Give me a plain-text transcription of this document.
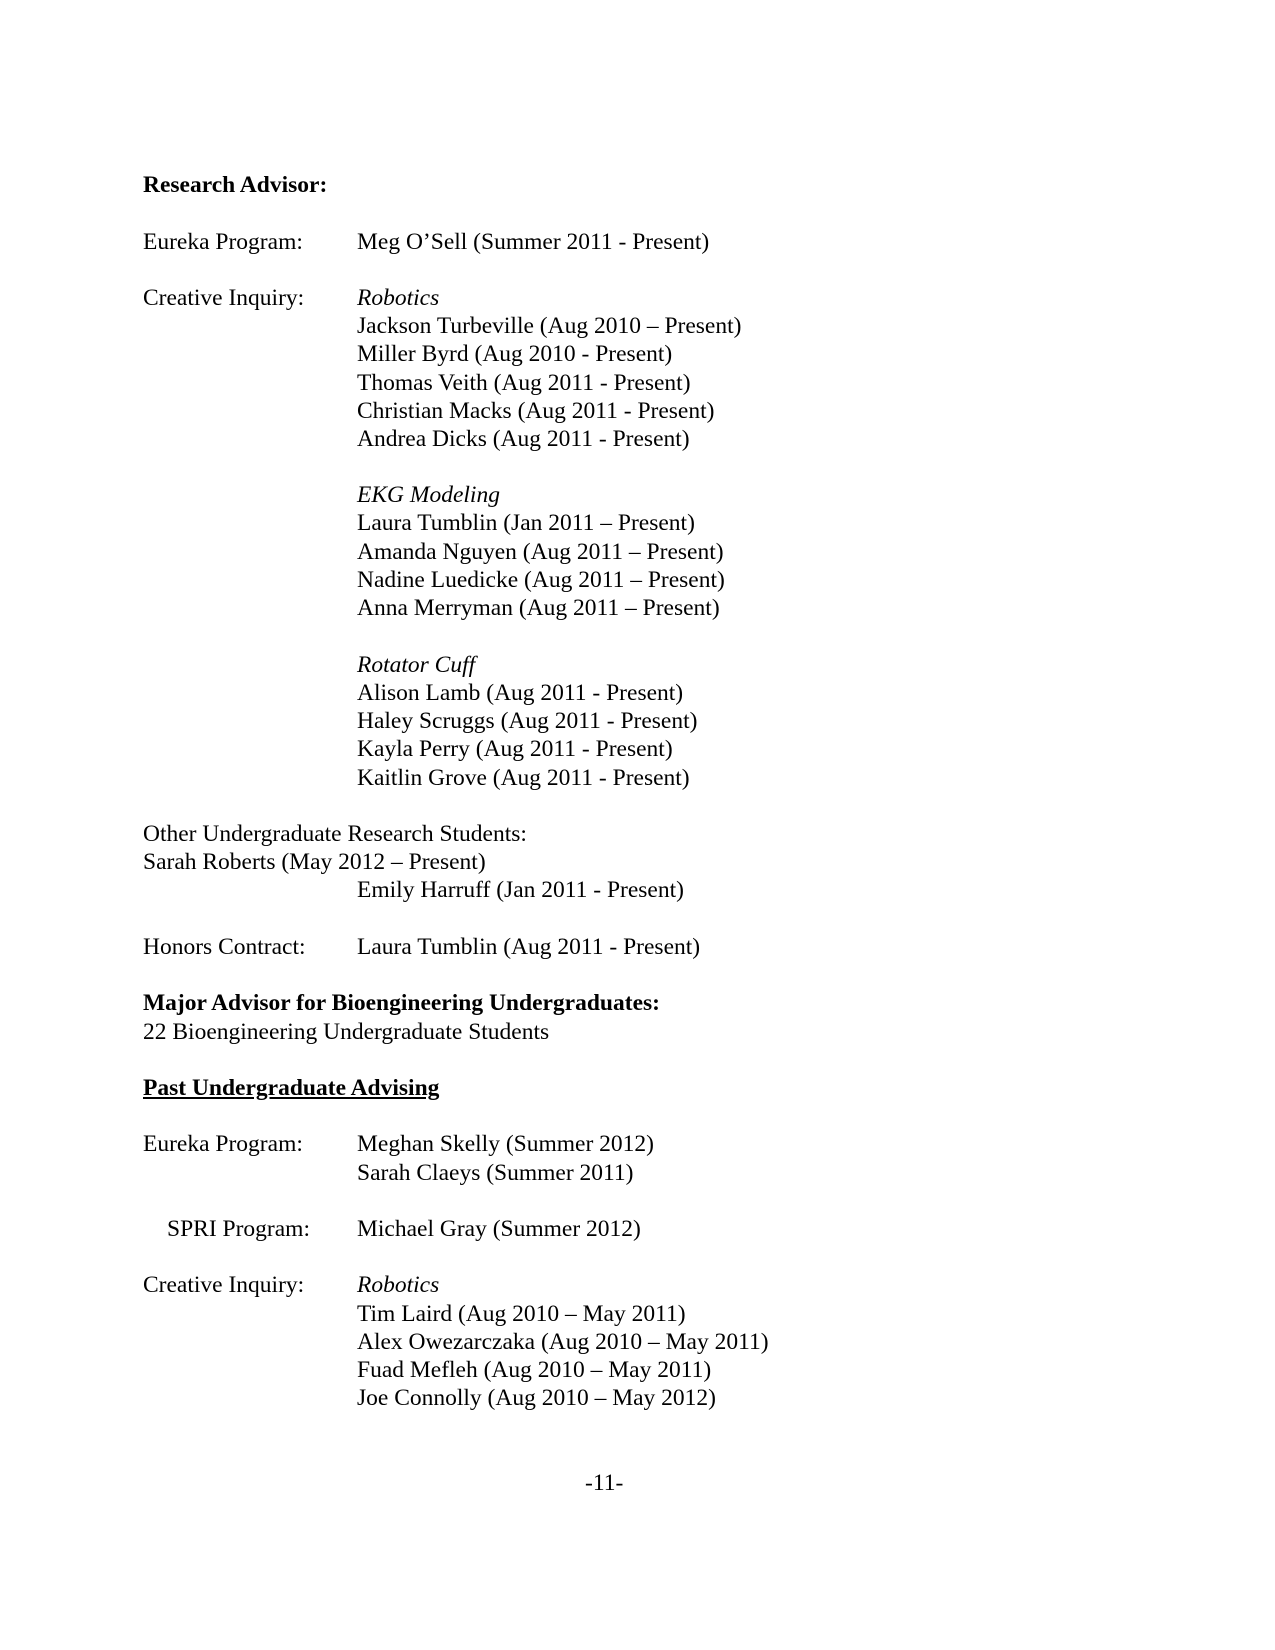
Research Advisor:
Eureka Program: Meg O’Sell (Summer 2011 - Present)
Creative Inquiry: Robotics
Jackson Turbeville (Aug 2010 – Present)
Miller Byrd (Aug 2010 - Present)
Thomas Veith (Aug 2011 - Present)
Christian Macks (Aug 2011 - Present)
Andrea Dicks (Aug 2011 - Present)
EKG Modeling
Laura Tumblin (Jan 2011 – Present)
Amanda Nguyen (Aug 2011 – Present)
Nadine Luedicke (Aug 2011 – Present)
Anna Merryman (Aug 2011 – Present)
Rotator Cuff
Alison Lamb (Aug 2011 - Present)
Haley Scruggs (Aug 2011 - Present)
Kayla Perry (Aug 2011 - Present)
Kaitlin Grove (Aug 2011 - Present)
Other Undergraduate Research Students:
Sarah Roberts (May 2012 – Present)
Emily Harruff (Jan 2011 - Present)
Honors Contract: Laura Tumblin (Aug 2011 - Present)
Major Advisor for Bioengineering Undergraduates:
22 Bioengineering Undergraduate Students
Past Undergraduate Advising
Eureka Program: Meghan Skelly (Summer 2012)
Sarah Claeys (Summer 2011)
SPRI Program: Michael Gray (Summer 2012)
Creative Inquiry: Robotics
Tim Laird (Aug 2010 – May 2011)
Alex Owezarczaka (Aug 2010 – May 2011)
Fuad Mefleh (Aug 2010 – May 2011)
Joe Connolly (Aug 2010 – May 2012)
-11-
